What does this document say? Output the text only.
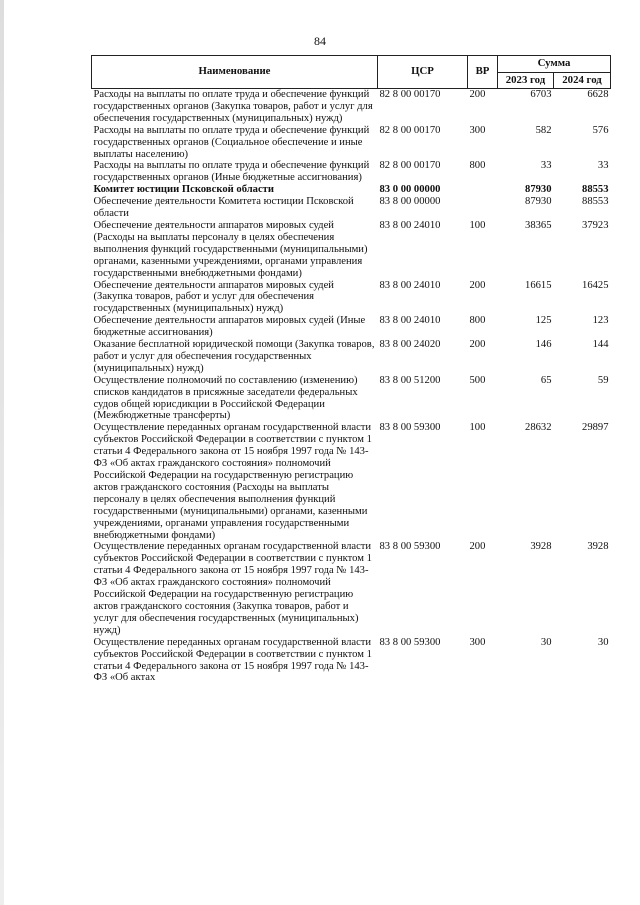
84
Наименование	ЦСР	ВР	Сумма	
			2023 год	2024 год
Расходы на выплаты по оплате труда и обеспечение функций государственных органов (Закупка товаров, работ и услуг для обеспечения государственных (муниципальных) нужд)	82 8 00 00170	200	6703	6628
Расходы на выплаты по оплате труда и обеспечение функций государственных органов (Социальное обеспечение и иные выплаты населению)	82 8 00 00170	300	582	576
Расходы на выплаты по оплате труда и обеспечение функций государственных органов (Иные бюджетные ассигнования)	82 8 00 00170	800	33	33
Комитет юстиции Псковской области	83 0 00 00000		87930	88553
Обеспечение деятельности Комитета юстиции Псковской области	83 8 00 00000		87930	88553
Обеспечение деятельности аппаратов мировых судей (Расходы на выплаты персоналу в целях обеспечения выполнения функций государственными (муниципальными) органами, казенными учреждениями, органами управления государственными внебюджетными фондами)	83 8 00 24010	100	38365	37923
Обеспечение деятельности аппаратов мировых судей (Закупка товаров, работ и услуг для обеспечения государственных (муниципальных) нужд)	83 8 00 24010	200	16615	16425
Обеспечение деятельности аппаратов мировых судей (Иные бюджетные ассигнования)	83 8 00 24010	800	125	123
Оказание бесплатной юридической помощи (Закупка товаров, работ и услуг для обеспечения государственных (муниципальных) нужд)	83 8 00 24020	200	146	144
Осуществление полномочий по составлению (изменению) списков кандидатов в присяжные заседатели федеральных судов общей юрисдикции в Российской Федерации (Межбюджетные трансферты)	83 8 00 51200	500	65	59
Осуществление переданных органам государственной власти субъектов Российской Федерации в соответствии с пунктом 1 статьи 4 Федерального закона от 15 ноября 1997 года № 143-ФЗ «Об актах гражданского состояния» полномочий Российской Федерации на государственную регистрацию актов гражданского состояния (Расходы на выплаты персоналу в целях обеспечения выполнения функций государственными (муниципальными) органами, казенными учреждениями, органами управления государственными внебюджетными фондами)	83 8 00 59300	100	28632	29897
Осуществление переданных органам государственной власти субъектов Российской Федерации в соответствии с пунктом 1 статьи 4 Федерального закона от 15 ноября 1997 года № 143-ФЗ «Об актах гражданского состояния» полномочий Российской Федерации на государственную регистрацию актов гражданского состояния (Закупка товаров, работ и услуг для обеспечения государственных (муниципальных) нужд)	83 8 00 59300	200	3928	3928
Осуществление переданных органам государственной власти субъектов Российской Федерации в соответствии с пунктом 1 статьи 4 Федерального закона от 15 ноября 1997 года № 143-ФЗ «Об актах	83 8 00 59300	300	30	30
